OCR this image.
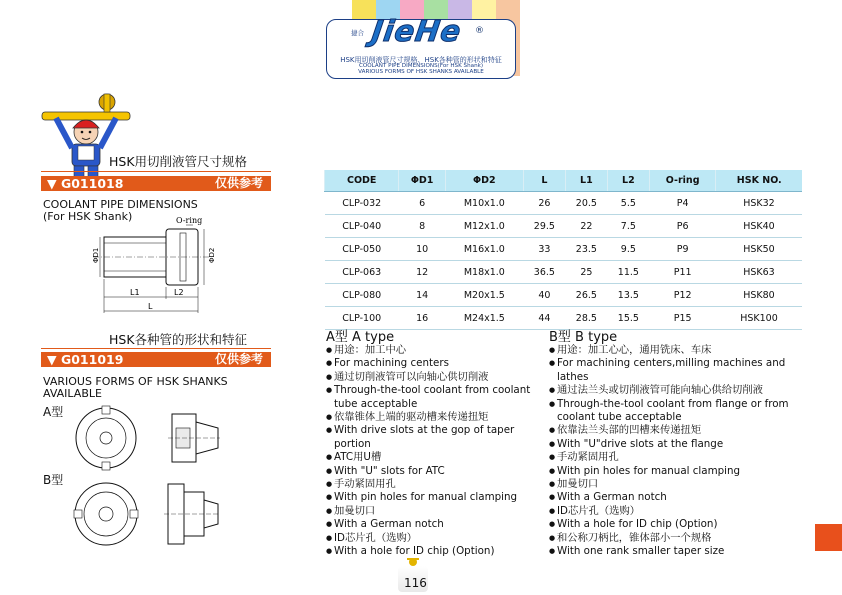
捷合 JieHe ®
HSK用切削液管尺寸规格、HSK各种管的形状和特征
COOLANT PIPE DIMENSIONS(For HSK Shank)
VARIOUS FORMS OF HSK SHANKS AVAILABLE
HSK用切削液管尺寸规格
▼ G011018	仅供参考
COOLANT PIPE DIMENSIONS
(For HSK Shank)	O-ring
ΦD1	ΦD2
L1	L2
L
HSK各种管的形状和特征
▼ G011019	仅供参考
VARIOUS FORMS OF HSK SHANKS
AVAILABLE
A型
B型
CODE	ΦD1	ΦD2	L	L1	L2	O-ring	HSK NO.
CLP-032	6	M10x1.0	26	20.5	5.5	P4	HSK32
CLP-040	8	M12x1.0	29.5	22	7.5	P6	HSK40
CLP-050	10	M16x1.0	33	23.5	9.5	P9	HSK50
CLP-063	12	M18x1.0	36.5	25	11.5	P11	HSK63
CLP-080	14	M20x1.5	40	26.5	13.5	P12	HSK80
CLP-100	16	M24x1.5	44	28.5	15.5	P15	HSK100
A型 A type
● 用途：加工中心
● For machining centers
● 通过切削液管可以向轴心供切削液
● Through-the-tool coolant from coolant tube acceptable
● 依靠锥体上端的驱动槽来传递扭矩
● With drive slots at the gop of taper portion
● ATC用U槽
● With "U" slots for ATC
● 手动紧固用孔
● With pin holes for manual clamping
● 加曼切口
● With a German notch
● ID芯片孔（选购）
● With a hole for ID chip (Option)
B型 B type
● 用途：加工心心，通用铣床、车床
● For machining centers,milling machines and lathes
● 通过法兰头或切削液管可能向轴心供给切削液
● Through-the-tool coolant from flange or from coolant tube acceptable
● 依靠法兰头部的凹槽来传递扭矩
● With "U"drive slots at the flange
● 手动紧固用孔
● With pin holes for manual clamping
● 加曼切口
● With a German notch
● ID芯片孔（选购）
● With a hole for ID chip (Option)
● 和公称刀柄比，锥体部小一个规格
● With one rank smaller taper size
116
